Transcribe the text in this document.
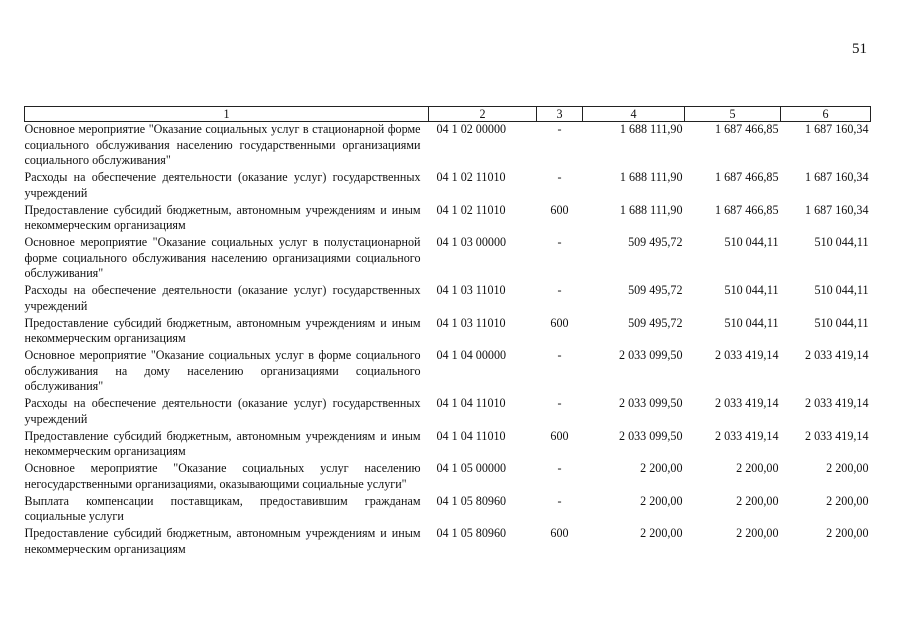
51
1	2	3	4	5	6
Основное мероприятие "Оказание социальных услуг в стационарной форме социального обслуживания населению государственными организациями социального обслуживания"	04 1 02 00000	-	1 688 111,90	1 687 466,85	1 687 160,34
Расходы на обеспечение деятельности (оказание услуг) государственных учреждений	04 1 02 11010	-	1 688 111,90	1 687 466,85	1 687 160,34
Предоставление субсидий бюджетным, автономным учреждениям и иным некоммерческим организациям	04 1 02 11010	600	1 688 111,90	1 687 466,85	1 687 160,34
Основное мероприятие "Оказание социальных услуг в полустационарной форме социального обслуживания населению организациями социального обслуживания"	04 1 03 00000	-	509 495,72	510 044,11	510 044,11
Расходы на обеспечение деятельности (оказание услуг) государственных учреждений	04 1 03 11010	-	509 495,72	510 044,11	510 044,11
Предоставление субсидий бюджетным, автономным учреждениям и иным некоммерческим организациям	04 1 03 11010	600	509 495,72	510 044,11	510 044,11
Основное мероприятие "Оказание социальных услуг в форме социального обслуживания на дому населению организациями социального обслуживания"	04 1 04 00000	-	2 033 099,50	2 033 419,14	2 033 419,14
Расходы на обеспечение деятельности (оказание услуг) государственных учреждений	04 1 04 11010	-	2 033 099,50	2 033 419,14	2 033 419,14
Предоставление субсидий бюджетным, автономным учреждениям и иным некоммерческим организациям	04 1 04 11010	600	2 033 099,50	2 033 419,14	2 033 419,14
Основное мероприятие "Оказание социальных услуг населению негосударственными организациями, оказывающими социальные услуги"	04 1 05 00000	-	2 200,00	2 200,00	2 200,00
Выплата компенсации поставщикам, предоставившим гражданам социальные услуги	04 1 05 80960	-	2 200,00	2 200,00	2 200,00
Предоставление субсидий бюджетным, автономным учреждениям и иным некоммерческим организациям	04 1 05 80960	600	2 200,00	2 200,00	2 200,00
